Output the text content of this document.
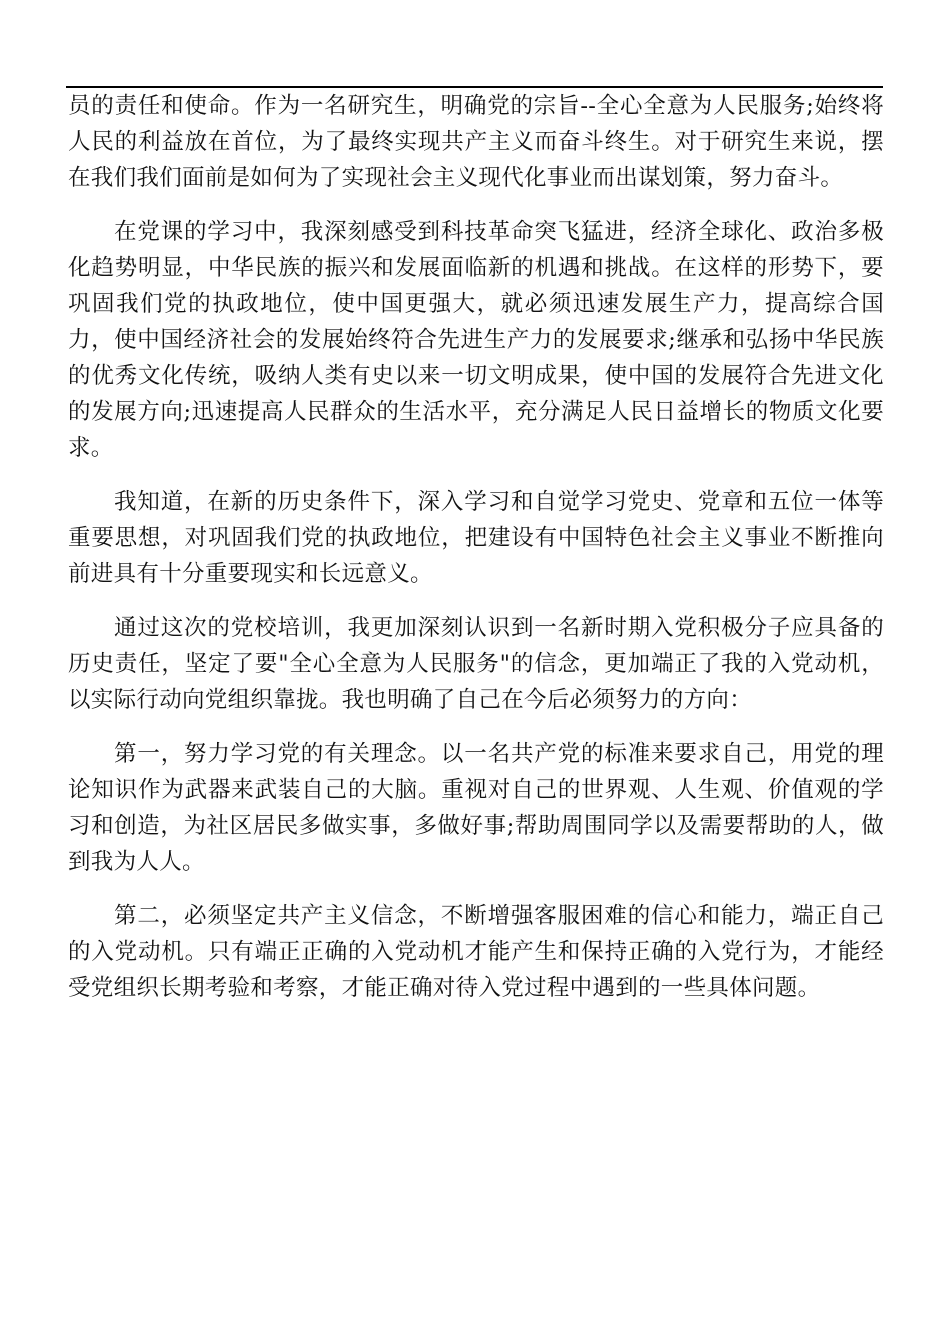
员的责任和使命。作为一名研究生，明确党的宗旨--全心全意为人民服务;始终将人民的利益放在首位，为了最终实现共产主义而奋斗终生。对于研究生来说，摆在我们我们面前是如何为了实现社会主义现代化事业而出谋划策，努力奋斗。

在党课的学习中，我深刻感受到科技革命突飞猛进，经济全球化、政治多极化趋势明显，中华民族的振兴和发展面临新的机遇和挑战。在这样的形势下，要巩固我们党的执政地位，使中国更强大，就必须迅速发展生产力，提高综合国力，使中国经济社会的发展始终符合先进生产力的发展要求;继承和弘扬中华民族的优秀文化传统，吸纳人类有史以来一切文明成果，使中国的发展符合先进文化的发展方向;迅速提高人民群众的生活水平，充分满足人民日益增长的物质文化要求。

我知道，在新的历史条件下，深入学习和自觉学习党史、党章和五位一体等重要思想，对巩固我们党的执政地位，把建设有中国特色社会主义事业不断推向前进具有十分重要现实和长远意义。

通过这次的党校培训，我更加深刻认识到一名新时期入党积极分子应具备的历史责任，坚定了要"全心全意为人民服务"的信念，更加端正了我的入党动机，以实际行动向党组织靠拢。我也明确了自己在今后必须努力的方向：

第一，努力学习党的有关理念。以一名共产党的标准来要求自己，用党的理论知识作为武器来武装自己的大脑。重视对自己的世界观、人生观、价值观的学习和创造，为社区居民多做实事，多做好事;帮助周围同学以及需要帮助的人，做到我为人人。

第二，必须坚定共产主义信念，不断增强客服困难的信心和能力，端正自己的入党动机。只有端正正确的入党动机才能产生和保持正确的入党行为，才能经受党组织长期考验和考察，才能正确对待入党过程中遇到的一些具体问题。
